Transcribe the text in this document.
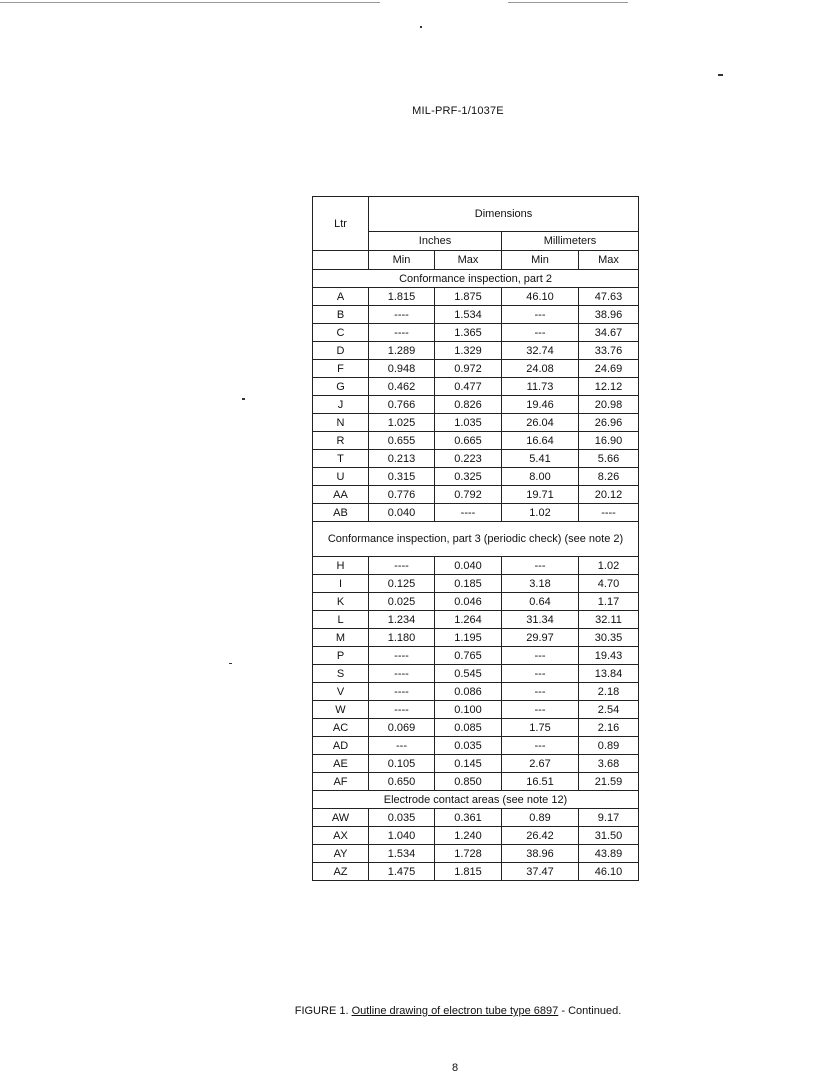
MIL-PRF-1/1037E
Ltr	Dimensions			
	Inches		Millimeters	
	Min	Max	Min	Max
Conformance inspection, part 2				
A	1.815	1.875	46.10	47.63
B	----	1.534	---	38.96
C	----	1.365	---	34.67
D	1.289	1.329	32.74	33.76
F	0.948	0.972	24.08	24.69
G	0.462	0.477	11.73	12.12
J	0.766	0.826	19.46	20.98
N	1.025	1.035	26.04	26.96
R	0.655	0.665	16.64	16.90
T	0.213	0.223	5.41	5.66
U	0.315	0.325	8.00	8.26
AA	0.776	0.792	19.71	20.12
AB	0.040	----	1.02	----
Conformance inspection, part 3 (periodic check) (see note 2)				
H	----	0.040	---	1.02
I	0.125	0.185	3.18	4.70
K	0.025	0.046	0.64	1.17
L	1.234	1.264	31.34	32.11
M	1.180	1.195	29.97	30.35
P	----	0.765	---	19.43
S	----	0.545	---	13.84
V	----	0.086	---	2.18
W	----	0.100	---	2.54
AC	0.069	0.085	1.75	2.16
AD	---	0.035	---	0.89
AE	0.105	0.145	2.67	3.68
AF	0.650	0.850	16.51	21.59
Electrode contact areas (see note 12)				
AW	0.035	0.361	0.89	9.17
AX	1.040	1.240	26.42	31.50
AY	1.534	1.728	38.96	43.89
AZ	1.475	1.815	37.47	46.10
FIGURE 1. Outline drawing of electron tube type 6897 - Continued.
8
